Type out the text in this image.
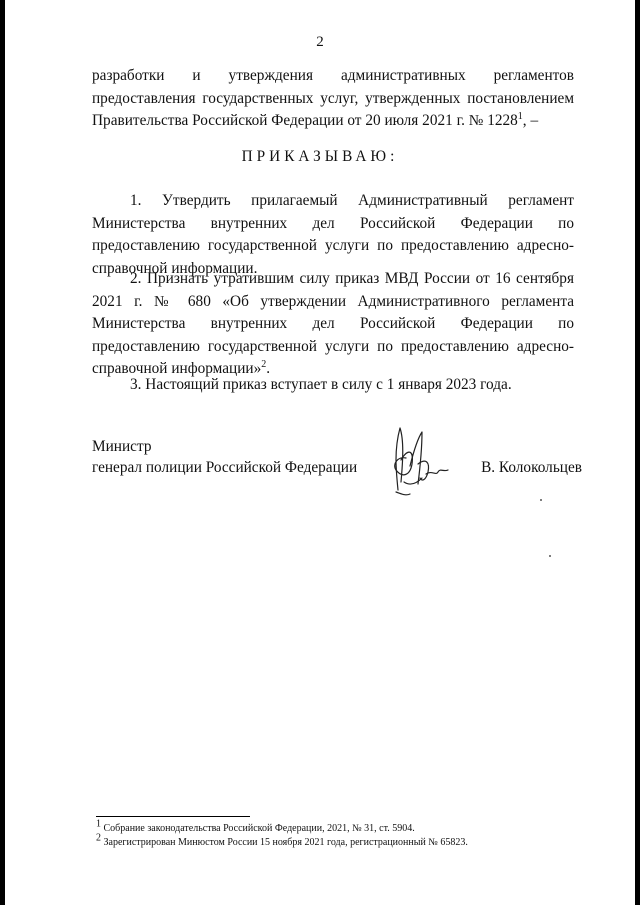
2
разработки и утверждения административных регламентов
предоставления государственных услуг, утвержденных постановлением
Правительства Российской Федерации от 20 июля 2021 г. № 1228$^1$, –
ПРИКАЗЫВАЮ:
1. Утвердить прилагаемый Административный регламент Министерства внутренних дел Российской Федерации по предоставлению государственной услуги по предоставлению адресно-справочной информации.
2. Признать утратившим силу приказ МВД России от 16 сентября 2021 г. № 680 «Об утверждении Административного регламента Министерства внутренних дел Российской Федерации по предоставлению государственной услуги по предоставлению адресно-справочной информации»$^2$.
3. Настоящий приказ вступает в силу с 1 января 2023 года.
Министр
генерал полиции Российской Федерации	В. Колокольцев
$^1$ Собрание законодательства Российской Федерации, 2021, № 31, ст. 5904.
$^2$ Зарегистрирован Минюстом России 15 ноября 2021 года, регистрационный № 65823.
